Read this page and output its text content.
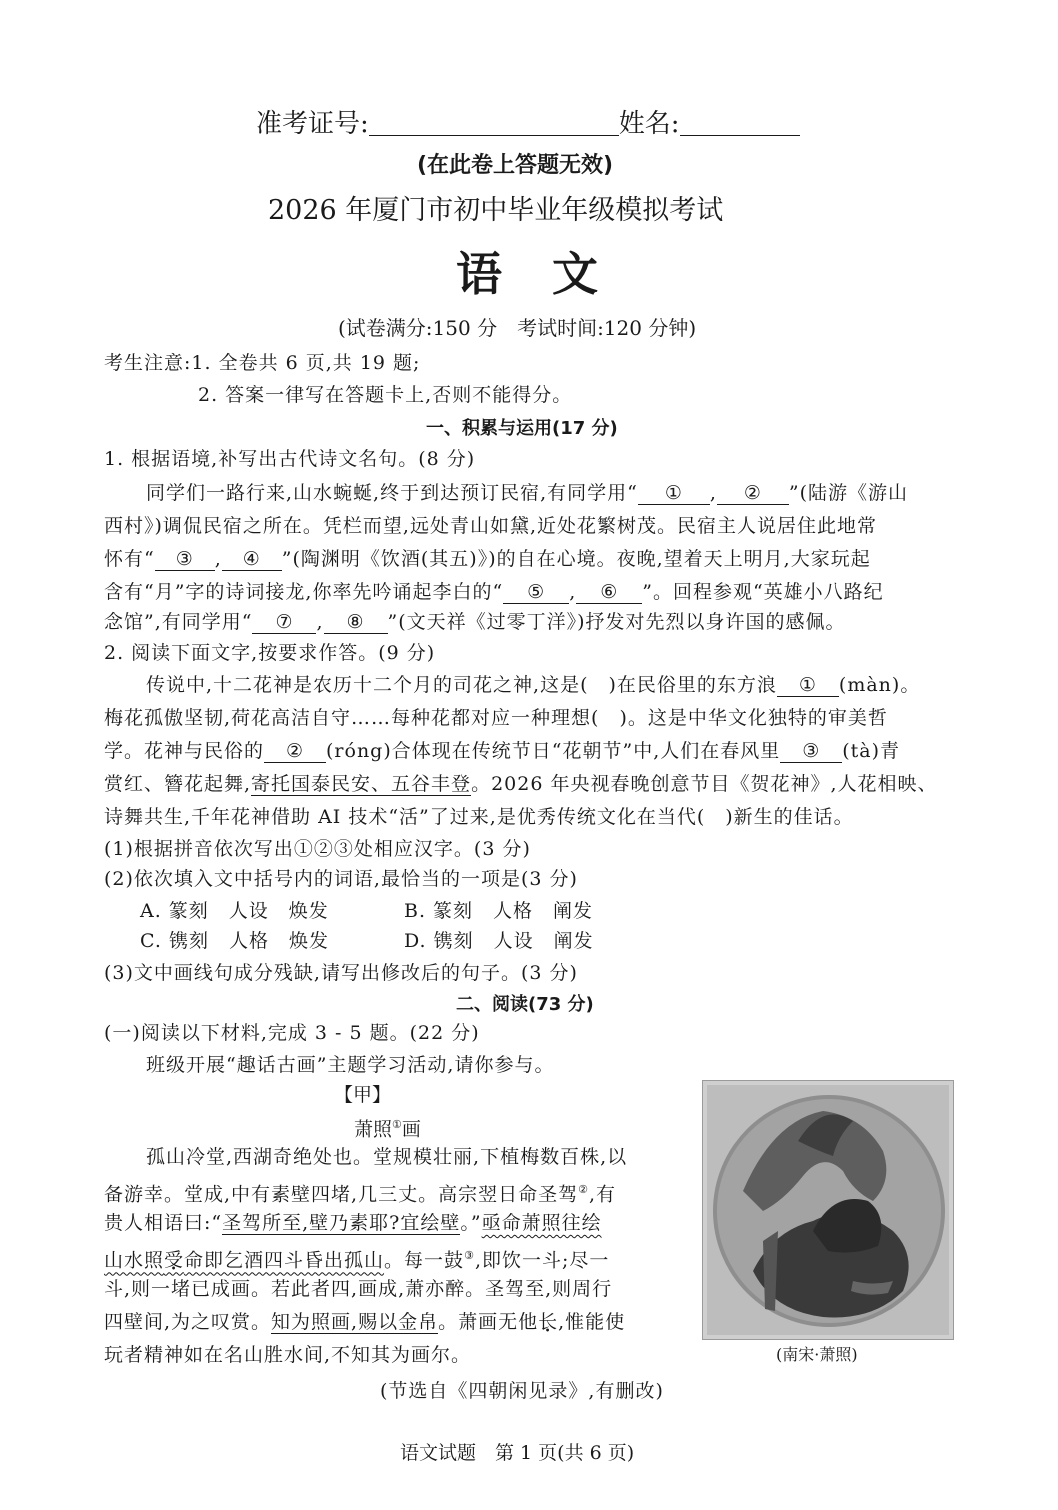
准考证号:	姓名:
(在此卷上答题无效)
2026 年厦门市初中毕业年级模拟考试
语　文
(试卷满分:150 分　考试时间:120 分钟)
考生注意:1. 全卷共 6 页,共 19 题;
2. 答案一律写在答题卡上,否则不能得分。
一、积累与运用(17 分)
1. 根据语境,补写出古代诗文名句。(8 分)
同学们一路行来,山水蜿蜒,终于到达预订民宿,有同学用“ ① , ② ”(陆游《游山
西村》)调侃民宿之所在。凭栏而望,远处青山如黛,近处花繁树茂。民宿主人说居住此地常
怀有“ ③ , ④ ”(陶渊明《饮酒(其五)》)的自在心境。夜晚,望着天上明月,大家玩起
含有“月”字的诗词接龙,你率先吟诵起李白的“ ⑤ , ⑥ ”。回程参观“英雄小八路纪
念馆”,有同学用“ ⑦ , ⑧ ”(文天祥《过零丁洋》)抒发对先烈以身许国的感佩。
2. 阅读下面文字,按要求作答。(9 分)
传说中,十二花神是农历十二个月的司花之神,这是(　)在民俗里的东方浪 ① (màn)。
梅花孤傲坚韧,荷花高洁自守……每种花都对应一种理想(　)。这是中华文化独特的审美哲
学。花神与民俗的 ② (róng)合体现在传统节日“花朝节”中,人们在春风里 ③ (tà)青
赏红、簪花起舞,寄托国泰民安、五谷丰登。2026 年央视春晚创意节目《贺花神》,人花相映、
诗舞共生,千年花神借助 AI 技术“活”了过来,是优秀传统文化在当代(　)新生的佳话。
(1)根据拼音依次写出①②③处相应汉字。(3 分)
(2)依次填入文中括号内的词语,最恰当的一项是(3 分)
A. 篆刻　人设　焕发	B. 篆刻　人格　阐发
C. 镌刻　人格　焕发	D. 镌刻　人设　阐发
(3)文中画线句成分残缺,请写出修改后的句子。(3 分)
二、阅读(73 分)
(一)阅读以下材料,完成 3 - 5 题。(22 分)
班级开展“趣话古画”主题学习活动,请你参与。
【甲】
萧照①画
孤山冷堂,西湖奇绝处也。堂规模壮丽,下植梅数百株,以
备游幸。堂成,中有素壁四堵,几三丈。高宗翌日命圣驾②,有
贵人相语曰:“圣驾所至,壁乃素耶?宜绘壁。”亟命萧照往绘
山水照受命即乞酒四斗昏出孤山。每一鼓③,即饮一斗;尽一
斗,则一堵已成画。若此者四,画成,萧亦醉。圣驾至,则周行
四壁间,为之叹赏。知为照画,赐以金帛。萧画无他长,惟能使
玩者精神如在名山胜水间,不知其为画尔。
(节选自《四朝闲见录》,有删改)
(南宋·萧照)
语文试题　第 1 页(共 6 页)
